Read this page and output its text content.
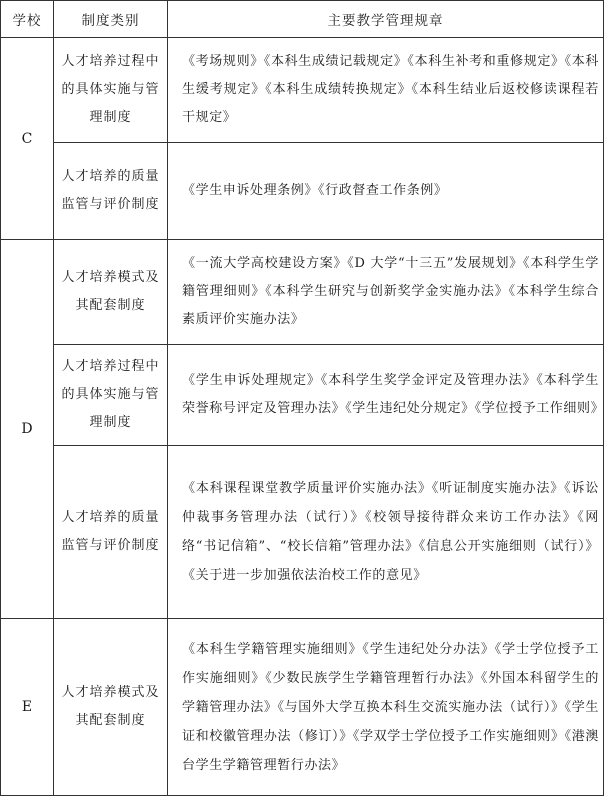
学校	制度类别	主要教学管理规章
C	人才培养过程中的具体实施与管理制度	《考场规则》《本科生成绩记载规定》《本科生补考和重修规定》《本科生缓考规定》《本科生成绩转换规定》《本科生结业后返校修读课程若干规定》
	人才培养的质量监管与评价制度	《学生申诉处理条例》《行政督查工作条例》
D	人才培养模式及其配套制度	《一流大学高校建设方案》《D 大学“十三五”发展规划》《本科学生学籍管理细则》《本科学生研究与创新奖学金实施办法》《本科学生综合素质评价实施办法》
	人才培养过程中的具体实施与管理制度	《学生申诉处理规定》《本科学生奖学金评定及管理办法》《本科学生荣誉称号评定及管理办法》《学生违纪处分规定》《学位授予工作细则》
	人才培养的质量监管与评价制度	《本科课程课堂教学质量评价实施办法》《听证制度实施办法》《诉讼仲裁事务管理办法（试行）》《校领导接待群众来访工作办法》《网络“书记信箱”、“校长信箱”管理办法》《信息公开实施细则（试行）》《关于进一步加强依法治校工作的意见》
E	人才培养模式及其配套制度	《本科生学籍管理实施细则》《学生违纪处分办法》《学士学位授予工作实施细则》《少数民族学生学籍管理暂行办法》《外国本科留学生的学籍管理办法》《与国外大学互换本科生交流实施办法（试行）》《学生证和校徽管理办法（修订）》《学双学士学位授予工作实施细则》《港澳台学生学籍管理暂行办法》
